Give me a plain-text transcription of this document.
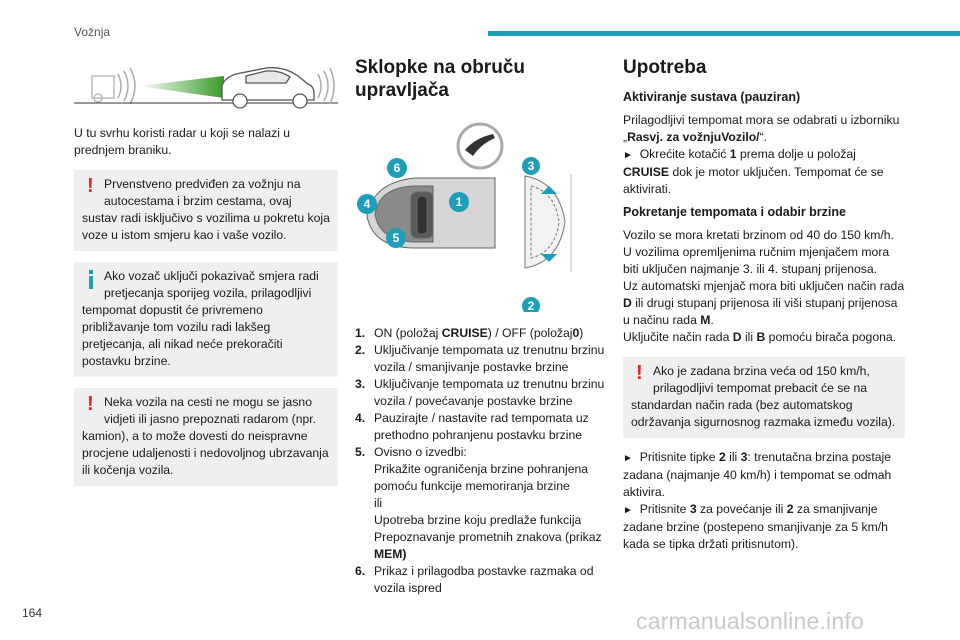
Vožnja

U tu svrhu koristi radar u koji se nalazi u prednjem braniku.

! Prvenstveno predviđen za vožnju na
autocestama i brzim cestama, ovaj
sustav radi isključivo s vozilima u pokretu koja voze u istom smjeru kao i vaše vozilo.
Ako vozač uključi pokazivač smjera radi
pretjecanja sporijeg vozila, prilagodljivi
tempomat dopustit će privremeno približavanje tom vozilu radi lakšeg pretjecanja, ali nikad neće prekoračiti postavku brzine.
! Neka vozila na cesti ne mogu se jasno
vidjeti ili jasno prepoznati radarom (npr.
kamion), a to može dovesti do neispravne procjene udaljenosti i nedovoljnog ubrzavanja ili kočenja vozila.
Sklopke na obruču upravljača
1
2
3
4
5
6
1. ON (položaj CRUISE) / OFF (položaj0)
2. Uključivanje tempomata uz trenutnu brzinu vozila / smanjivanje postavke brzine
3. Uključivanje tempomata uz trenutnu brzinu vozila / povećavanje postavke brzine
4. Pauzirajte / nastavite rad tempomata uz prethodno pohranjenu postavku brzine
5. Ovisno o izvedbi:
Prikažite ograničenja brzine pohranjena pomoću funkcije memoriranja brzine
ili
Upotreba brzine koju predlaže funkcija Prepoznavanje prometnih znakova (prikaz MEM)
6. Prikaz i prilagodba postavke razmaka od vozila ispred
Upotreba
Aktiviranje sustava (pauziran)

Prilagodljivi tempomat mora se odabrati u izborniku „Rasvj. za vožnjuVozilo/“.

► Okrećite kotačić 1 prema dolje u položaj CRUISE dok je motor uključen. Tempomat će se aktivirati.

Pokretanje tempomata i odabir brzine

Vozilo se mora kretati brzinom od 40 do 150 km/h.

U vozilima opremljenima ručnim mjenjačem mora biti uključen najmanje 3. ili 4. stupanj prijenosa.

Uz automatski mjenjač mora biti uključen način rada D ili drugi stupanj prijenosa ili viši stupanj prijenosa u načinu rada M.

Uključite način rada D ili B pomoću birača pogona.

! Ako je zadana brzina veća od 150 km/h,
prilagodljivi tempomat prebacit će se na
standardan način rada (bez automatskog održavanja sigurnosnog razmaka između vozila).

► Pritisnite tipke 2 ili 3: trenutačna brzina postaje zadana (najmanje 40 km/h) i tempomat se odmah aktivira.

► Pritisnite 3 za povećanje ili 2 za smanjivanje zadane brzine (postepeno smanjivanje za 5 km/h kada se tipka držati pritisnutom).

164	carmanualsonline.info
